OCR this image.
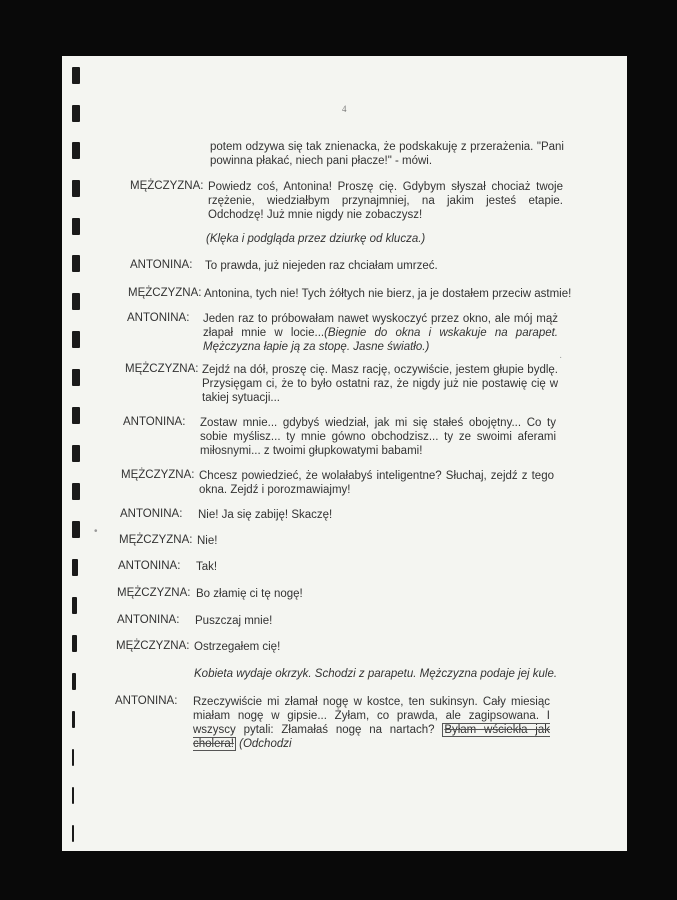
4
potem odzywa się tak znienacka, że podskakuję z przerażenia. "Pani powinna płakać, niech pani płacze!" - mówi.
MĘŻCZYZNA: Powiedz coś, Antonina! Proszę cię. Gdybym słyszał chociaż twoje rzężenie, wiedziałbym przynajmniej, na jakim jesteś etapie. Odchodzę! Już mnie nigdy nie zobaczysz!
(Klęka i podgląda przez dziurkę od klucza.)
ANTONINA: To prawda, już niejeden raz chciałam umrzeć.
MĘŻCZYZNA: Antonina, tych nie! Tych żółtych nie bierz, ja je dostałem przeciw astmie!
ANTONINA: Jeden raz to próbowałam nawet wyskoczyć przez okno, ale mój mąż złapał mnie w locie...(Biegnie do okna i wskakuje na parapet. Mężczyzna łapie ją za stopę. Jasne światło.)
MĘŻCZYZNA: Zejdź na dół, proszę cię. Masz rację, oczywiście, jestem głupie bydlę. Przysięgam ci, że to było ostatni raz, że nigdy już nie postawię cię w takiej sytuacji...
ANTONINA: Zostaw mnie... gdybyś wiedział, jak mi się stałeś obojętny... Co ty sobie myślisz... ty mnie gówno obchodzisz... ty ze swoimi aferami miłosnymi... z twoimi głupkowatymi babami!
MĘŻCZYZNA: Chcesz powiedzieć, że wolałabyś inteligentne? Słuchaj, zejdź z tego okna. Zejdź i porozmawiajmy!
ANTONINA: Nie! Ja się zabiję! Skaczę!
MĘŻCZYZNA: Nie!
ANTONINA: Tak!
MĘŻCZYZNA: Bo złamię ci tę nogę!
ANTONINA: Puszczaj mnie!
MĘŻCZYZNA: Ostrzegałem cię!
Kobieta wydaje okrzyk. Schodzi z parapetu. Mężczyzna podaje jej kule.
ANTONINA: Rzeczywiście mi złamał nogę w kostce, ten sukinsyn. Cały miesiąc miałam nogę w gipsie... Żyłam, co prawda, ale zagipsowana. I wszyscy pytali: Złamałaś nogę na nartach? Byłam wściekła jak cholera! (Odchodzi
·
•
